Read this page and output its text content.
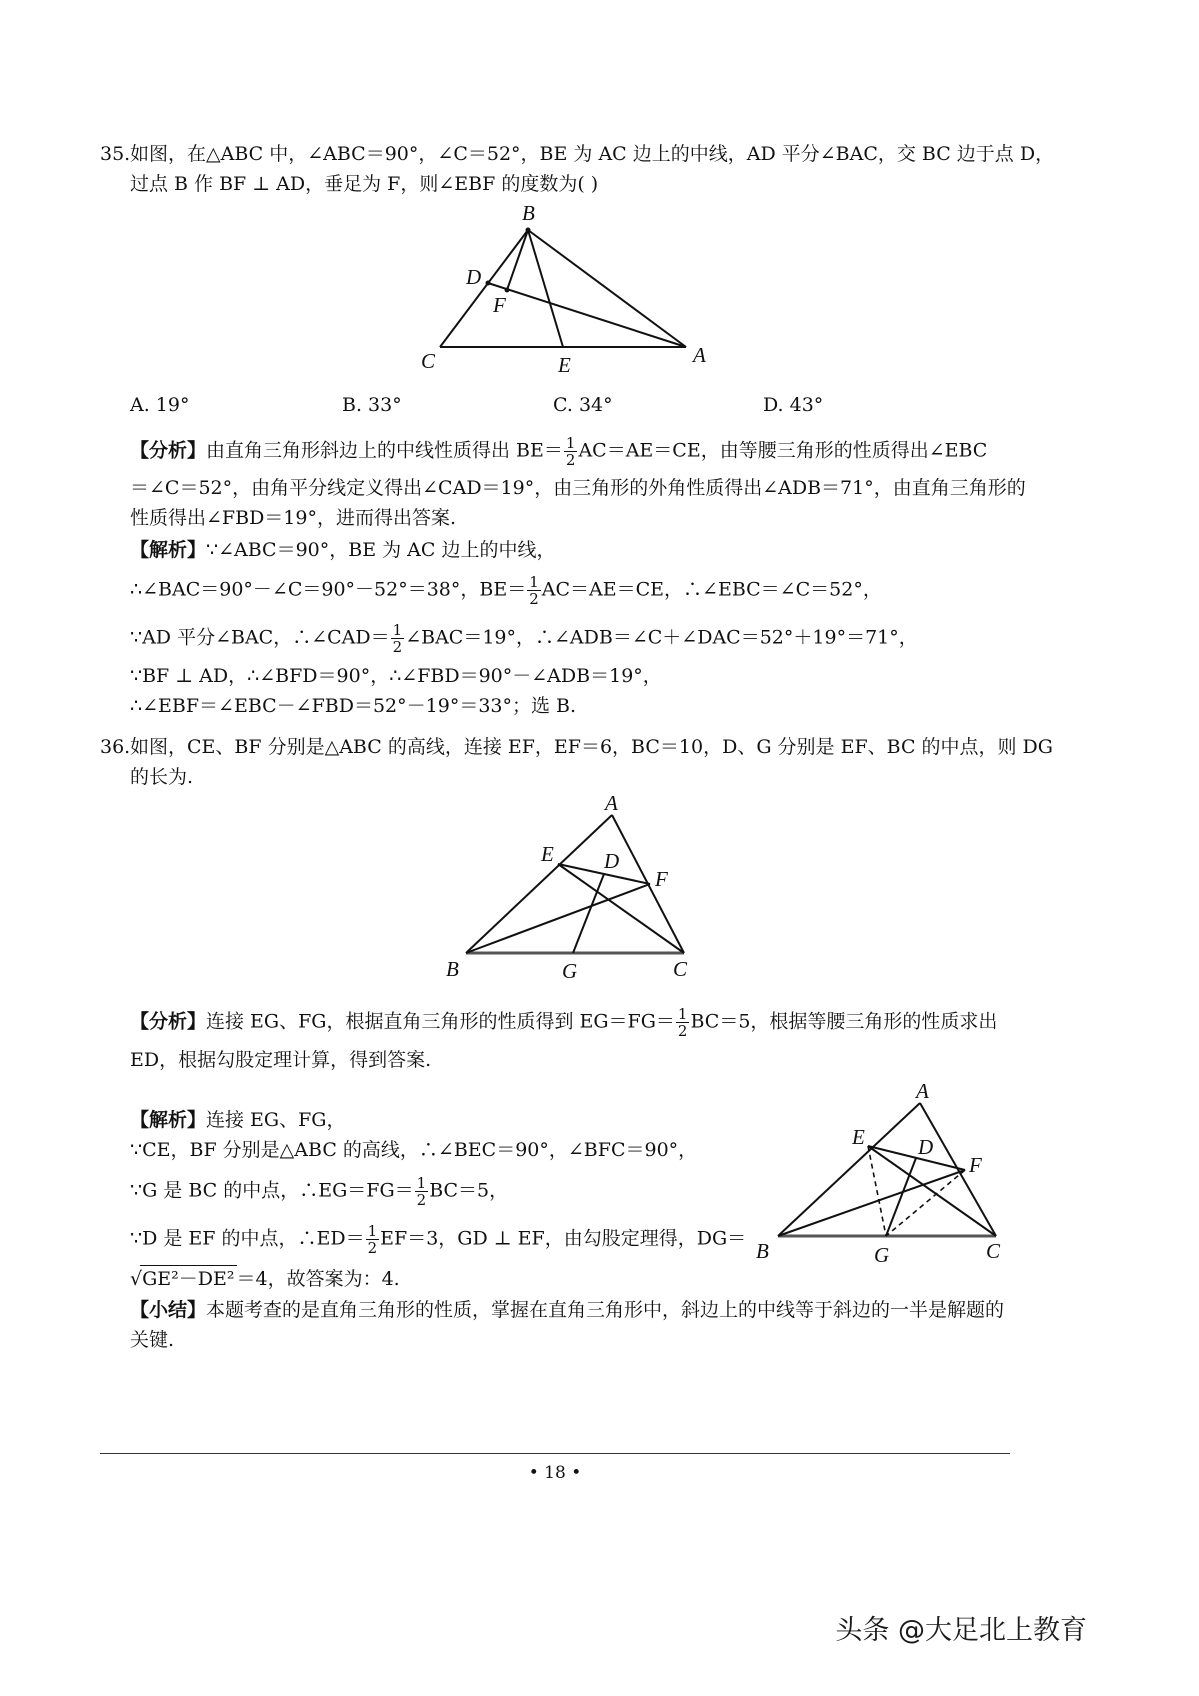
35. 如图，在△ABC 中，∠ABC＝90°，∠C＝52°，BE 为 AC 边上的中线，AD 平分∠BAC，交 BC 边于点 D，
过点 B 作 BF ⊥ AD，垂足为 F，则∠EBF 的度数为( )
B
D
F
C	E	A
A. 19°	B. 33°	C. 34°	D. 43°
【分析】由直角三角形斜边上的中线性质得出 $BE= \frac{1}{2} AC=AE=CE$，由等腰三角形的性质得出∠EBC
＝∠C＝52°，由角平分线定义得出∠CAD＝19°，由三角形的外角性质得出∠ADB＝71°，由直角三角形的
性质得出∠FBD＝19°，进而得出答案.
【解析】∵∠ABC＝90°，BE 为 AC 边上的中线，
∴∠BAC＝90°－∠C＝90°－52°＝38°，$BE= \frac{1}{2} AC=AE=CE$，∴∠EBC＝∠C＝52°，
∵AD 平分∠BAC，∴∠CAD＝ $\frac{1}{2}$ ∠BAC＝19°，∴∠ADB＝∠C＋∠DAC＝52°＋19°＝71°，
∵BF ⊥ AD，∴∠BFD＝90°，∴∠FBD＝90°－∠ADB＝19°，
∴∠EBF＝∠EBC－∠FBD＝52°－19°＝33°；选 B.
36. 如图，CE、BF 分别是△ABC 的高线，连接 EF，EF＝6，BC＝10，D、G 分别是 EF、BC 的中点，则 DG
的长为.
A
E D
F
B	G	C
【分析】连接 EG、FG，根据直角三角形的性质得到 $EG=FG= \frac{1}{2} BC=5$，根据等腰三角形的性质求出
ED，根据勾股定理计算，得到答案.
【解析】连接 EG、FG，
∵CE，BF 分别是△ABC 的高线，∴∠BEC＝90°，∠BFC＝90°，
∵G 是 BC 的中点，∴EG＝FG＝ $\frac{1}{2} BC=5$，
∵D 是 EF 的中点，∴ED＝ $\frac{1}{2} EF=3$，GD ⊥ EF，由勾股定理得，DG＝
√GE²－DE² ＝4，故答案为：4.
A
E	D
F
B	G	C
【小结】本题考查的是直角三角形的性质，掌握在直角三角形中，斜边上的中线等于斜边的一半是解题的
关键.
• 18 •
头条 @大足北上教育
